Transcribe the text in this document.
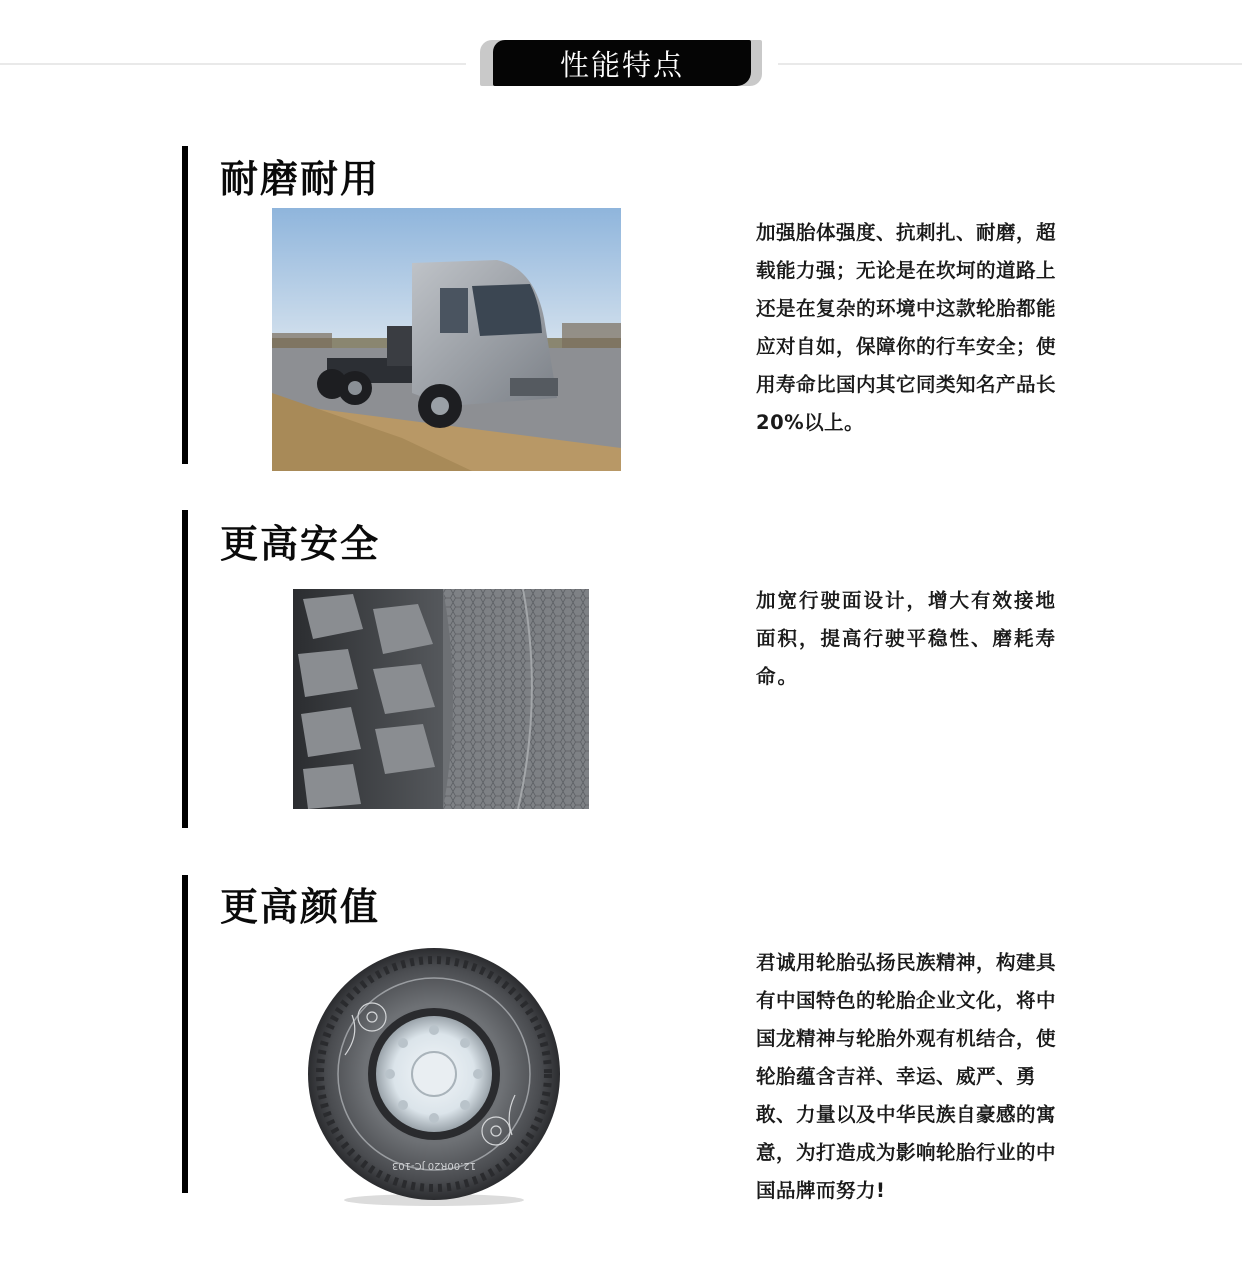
性能特点
耐磨耐用
加强胎体强度、抗刺扎、耐磨，超载能力强；无论是在坎坷的道路上还是在复杂的环境中这款轮胎都能应对自如，保障你的行车安全；使用寿命比国内其它同类知名产品长20%以上。
更高安全
加宽行驶面设计，增大有效接地面积，提高行驶平稳性、磨耗寿命。
更高颜值
12.00R20 JC-103
君诚用轮胎弘扬民族精神，构建具有中国特色的轮胎企业文化，将中国龙精神与轮胎外观有机结合，使轮胎蕴含吉祥、幸运、威严、勇敢、力量以及中华民族自豪感的寓意，为打造成为影响轮胎行业的中国品牌而努力!
